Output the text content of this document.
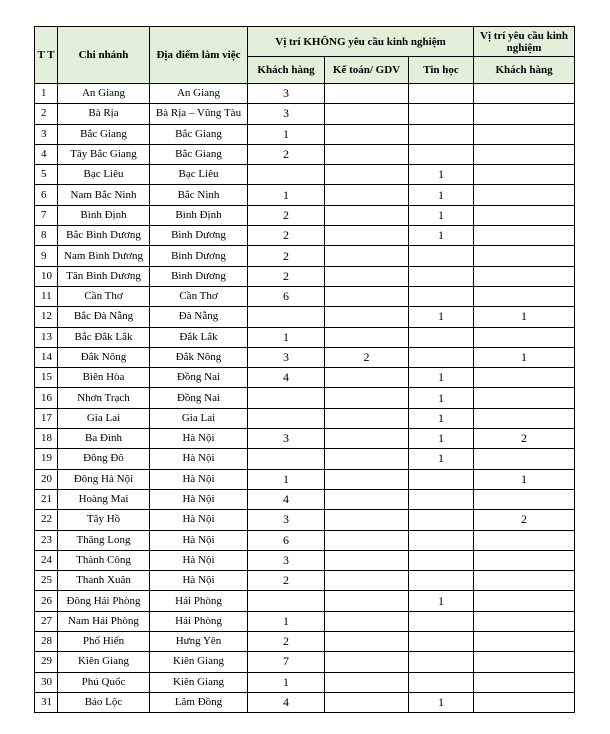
T T	Chi nhánh	Địa điểm làm việc	Vị trí KHÔNG yêu cầu kinh nghiệm			Vị trí yêu cầu kinh nghiệm
			Khách hàng	Kế toán/ GDV	Tin học	Khách hàng
1	An Giang	An Giang	3			
2	Bà Rịa	Bà Rịa – Vũng Tàu	3			
3	Bắc Giang	Bắc Giang	1			
4	Tây Bắc Giang	Bắc Giang	2			
5	Bạc Liêu	Bạc Liêu			1	
6	Nam Bắc Ninh	Bắc Ninh	1		1	
7	Bình Định	Bình Định	2		1	
8	Bắc Bình Dương	Bình Dương	2		1	
9	Nam Bình Dương	Bình Dương	2			
10	Tân Bình Dương	Bình Dương	2			
11	Cần Thơ	Cần Thơ	6			
12	Bắc Đà Nẵng	Đà Nẵng			1	1
13	Bắc Đắk Lắk	Đắk Lắk	1			
14	Đắk Nông	Đắk Nông	3	2		1
15	Biên Hòa	Đồng Nai	4		1	
16	Nhơn Trạch	Đồng Nai			1	
17	Gia Lai	Gia Lai			1	
18	Ba Đình	Hà Nội	3		1	2
19	Đông Đô	Hà Nội			1	
20	Đông Hà Nội	Hà Nội	1			1
21	Hoàng Mai	Hà Nội	4			
22	Tây Hồ	Hà Nội	3			2
23	Thăng Long	Hà Nội	6			
24	Thành Công	Hà Nội	3			
25	Thanh Xuân	Hà Nội	2			
26	Đông Hải Phòng	Hải Phòng			1	
27	Nam Hải Phòng	Hải Phòng	1			
28	Phố Hiến	Hưng Yên	2			
29	Kiên Giang	Kiên Giang	7			
30	Phú Quốc	Kiên Giang	1			
31	Bảo Lộc	Lâm Đồng	4		1	
